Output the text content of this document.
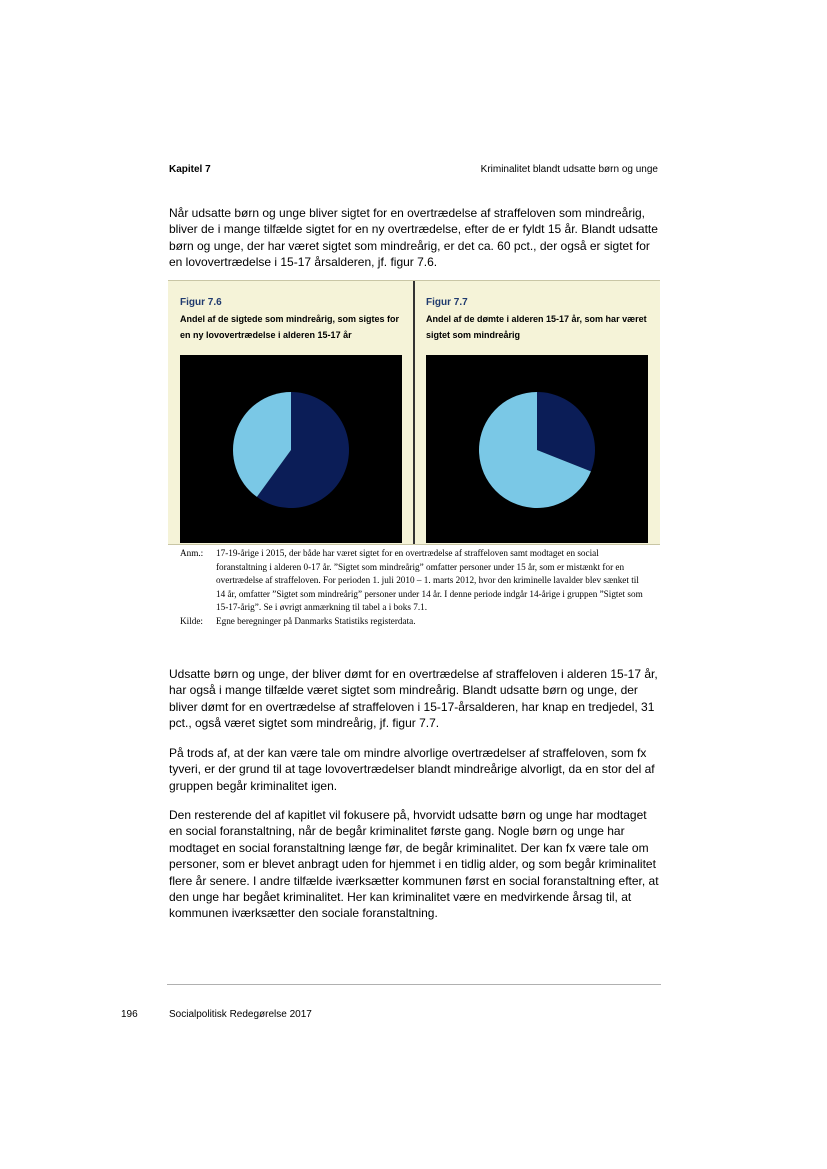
Kapitel 7	Kriminalitet blandt udsatte børn og unge
Når udsatte børn og unge bliver sigtet for en overtrædelse af straffeloven som mindreårig, bliver de i mange tilfælde sigtet for en ny overtrædelse, efter de er fyldt 15 år. Blandt udsatte børn og unge, der har været sigtet som mindreårig, er det ca. 60 pct., der også er sigtet for en lovovertrædelse i 15-17 årsalderen, jf. figur 7.6.
Figur 7.6
Andel af de sigtede som mindreårig, som sigtes for en ny lovovertrædelse i alderen 15-17 år
Figur 7.7
Andel af de dømte i alderen 15-17 år, som har været sigtet som mindreårig
Anm.:	17-19-årige i 2015, der både har været sigtet for en overtrædelse af straffeloven samt modtaget en social foranstaltning i alderen 0-17 år. ”Sigtet som mindreårig” omfatter personer under 15 år, som er mistænkt for en overtrædelse af straffeloven. For perioden 1. juli 2010 – 1. marts 2012, hvor den kriminelle lavalder blev sænket til 14 år, omfatter ”Sigtet som mindreårig” personer under 14 år. I denne periode indgår 14-årige i gruppen ”Sigtet som 15-17-årig”. Se i øvrigt anmærkning til tabel a i boks 7.1.
Kilde:	Egne beregninger på Danmarks Statistiks registerdata.
Udsatte børn og unge, der bliver dømt for en overtrædelse af straffeloven i alderen 15-17 år, har også i mange tilfælde været sigtet som mindreårig. Blandt udsatte børn og unge, der bliver dømt for en overtrædelse af straffeloven i 15-17-årsalderen, har knap en tredjedel, 31 pct., også været sigtet som mindreårig, jf. figur 7.7.
På trods af, at der kan være tale om mindre alvorlige overtrædelser af straffeloven, som fx tyveri, er der grund til at tage lovovertrædelser blandt mindreårige alvorligt, da en stor del af gruppen begår kriminalitet igen.
Den resterende del af kapitlet vil fokusere på, hvorvidt udsatte børn og unge har modtaget en social foranstaltning, når de begår kriminalitet første gang. Nogle børn og unge har modtaget en social foranstaltning længe før, de begår kriminalitet. Der kan fx være tale om personer, som er blevet anbragt uden for hjemmet i en tidlig alder, og som begår kriminalitet flere år senere. I andre tilfælde iværksætter kommunen først en social foranstaltning efter, at den unge har begået kriminalitet. Her kan kriminalitet være en medvirkende årsag til, at kommunen iværksætter den sociale foranstaltning.
196	Socialpolitisk Redegørelse 2017
